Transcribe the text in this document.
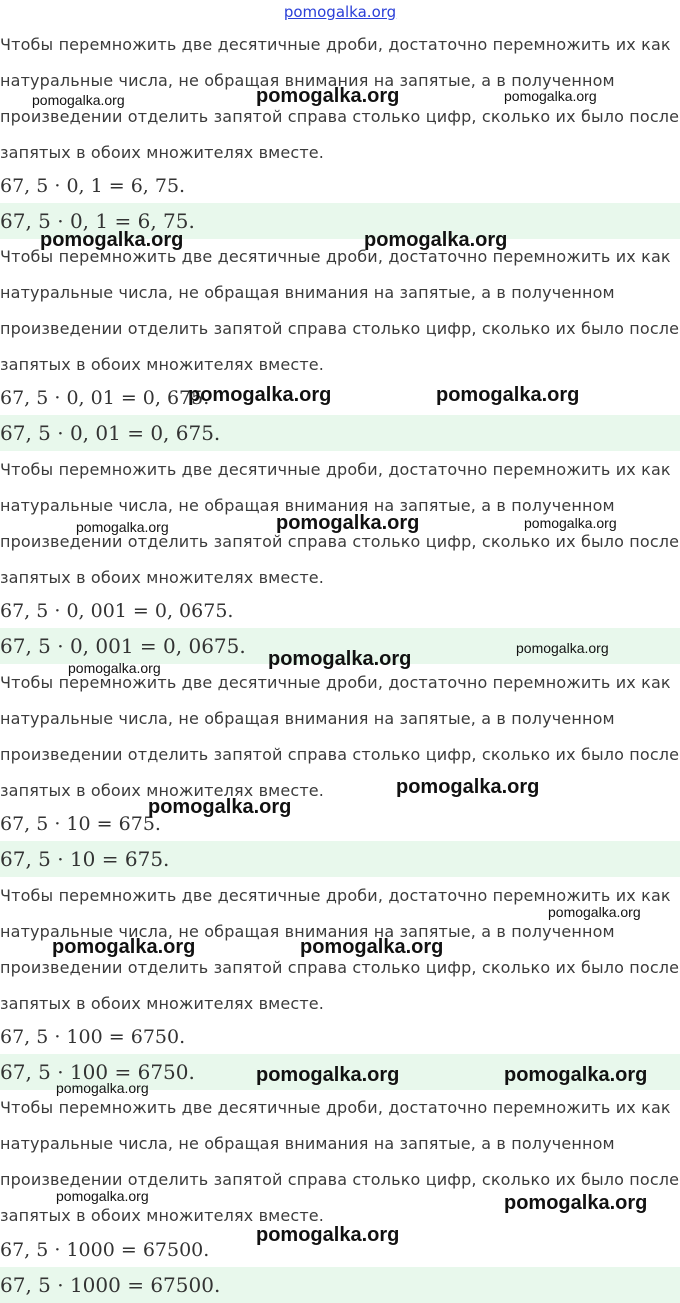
pomogalka.org

Чтобы перемножить две десятичные дроби, достаточно перемножить их как

натуральные числа, не обращая внимания на запятые, а в полученном

произведении отделить запятой справа столько цифр, сколько их было после

запятых в обоих множителях вместе.

67, 5 · 0, 1 = 6, 75.
67, 5 · 0, 1 = 6, 75.

Чтобы перемножить две десятичные дроби, достаточно перемножить их как

натуральные числа, не обращая внимания на запятые, а в полученном

произведении отделить запятой справа столько цифр, сколько их было после

запятых в обоих множителях вместе.

67, 5 · 0, 01 = 0, 675.
67, 5 · 0, 01 = 0, 675.

Чтобы перемножить две десятичные дроби, достаточно перемножить их как

натуральные числа, не обращая внимания на запятые, а в полученном

произведении отделить запятой справа столько цифр, сколько их было после

запятых в обоих множителях вместе.

67, 5 · 0, 001 = 0, 0675.
67, 5 · 0, 001 = 0, 0675.

Чтобы перемножить две десятичные дроби, достаточно перемножить их как

натуральные числа, не обращая внимания на запятые, а в полученном

произведении отделить запятой справа столько цифр, сколько их было после

запятых в обоих множителях вместе.

67, 5 · 10 = 675.
67, 5 · 10 = 675.

Чтобы перемножить две десятичные дроби, достаточно перемножить их как

натуральные числа, не обращая внимания на запятые, а в полученном

произведении отделить запятой справа столько цифр, сколько их было после

запятых в обоих множителях вместе.

67, 5 · 100 = 6750.
67, 5 · 100 = 6750.

Чтобы перемножить две десятичные дроби, достаточно перемножить их как

натуральные числа, не обращая внимания на запятые, а в полученном

произведении отделить запятой справа столько цифр, сколько их было после

запятых в обоих множителях вместе.

67, 5 · 1000 = 67500.
67, 5 · 1000 = 67500.
pomogalka.org	pomogalka.org	pomogalka.org
pomogalka.org	pomogalka.org
pomogalka.org	pomogalka.org
pomogalka.org	pomogalka.org	pomogalka.org
pomogalka.org
pomogalka.org	pomogalka.org
pomogalka.org
pomogalka.org
pomogalka.org
pomogalka.org	pomogalka.org
pomogalka.org	pomogalka.org
pomogalka.org
pomogalka.org	pomogalka.org
pomogalka.org
